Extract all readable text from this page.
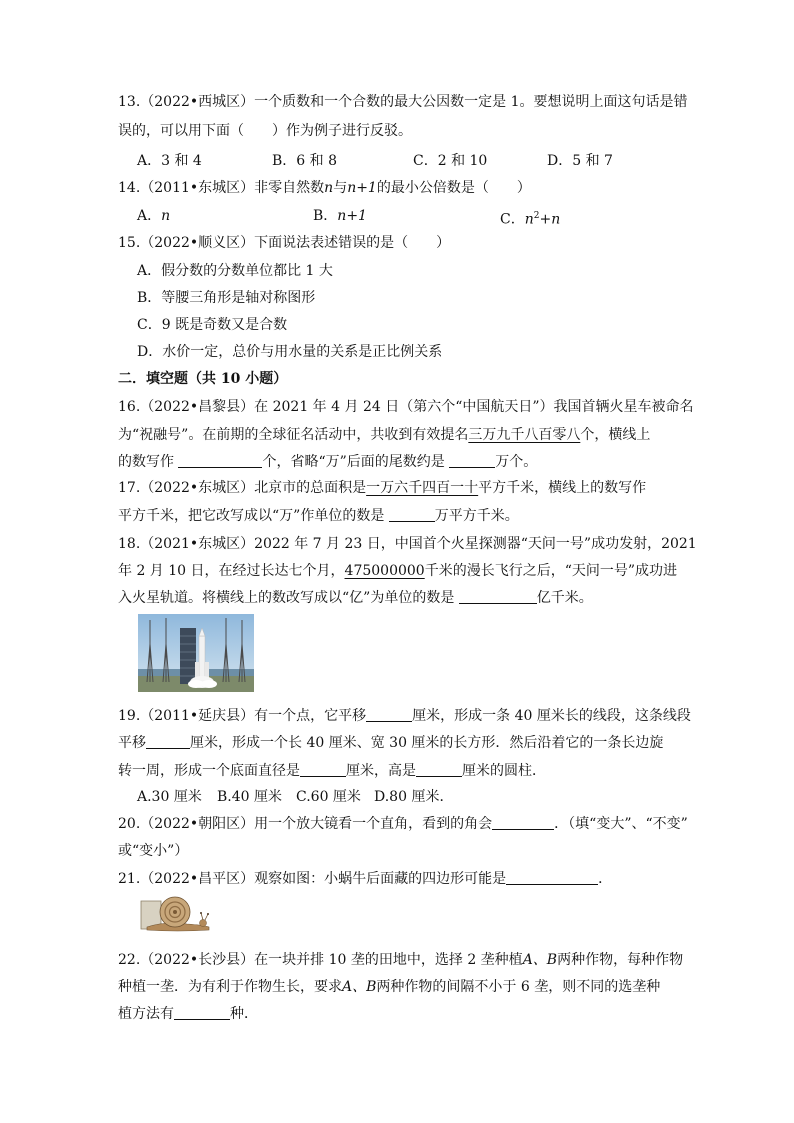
13.（2022•西城区）一个质数和一个合数的最大公因数一定是 1。要想说明上面这句话是错
误的，可以用下面（　　）作为例子进行反驳。
A．3 和 4	B．6 和 8	C．2 和 10	D．5 和 7
14.（2011•东城区）非零自然数n与n+1的最小公倍数是（　　）
A．n	B．n+1	C．$n^2+n$
15.（2022•顺义区）下面说法表述错误的是（　　）
A．假分数的分数单位都比 1 大
B．等腰三角形是轴对称图形
C．9 既是奇数又是合数
D．水价一定，总价与用水量的关系是正比例关系
二．填空题（共 10 小题）
16.（2022•昌黎县）在 2021 年 4 月 24 日（第六个“中国航天日”）我国首辆火星车被命名
为“祝融号”。在前期的全球征名活动中，共收到有效提名三万九千八百零八个，横线上
的数写作	个，省略“万”后面的尾数约是	万个。
17.（2022•东城区）北京市的总面积是一万六千四百一十平方千米，横线上的数写作
平方千米，把它改写成以“万”作单位的数是	万平方千米。
18.（2021•东城区）2022 年 7 月 23 日，中国首个火星探测器“天问一号”成功发射，2021
年 2 月 10 日，在经过长达七个月，475000000千米的漫长飞行之后，“天问一号”成功进
入火星轨道。将横线上的数改写成以“亿”为单位的数是	亿千米。
19.（2011•延庆县）有一个点，它平移	厘米，形成一条 40 厘米长的线段，这条线段
平移	厘米，形成一个长 40 厘米、宽 30 厘米的长方形．然后沿着它的一条长边旋
转一周，形成一个底面直径是	厘米，高是	厘米的圆柱．
A.30 厘米 B.40 厘米 C.60 厘米 D.80 厘米．
20.（2022•朝阳区）用一个放大镜看一个直角，看到的角会	．（填“变大”、“不变”
或“变小”）
21.（2022•昌平区）观察如图：小蜗牛后面藏的四边形可能是	．
22.（2022•长沙县）在一块并排 10 垄的田地中，选择 2 垄种植A、B两种作物，每种作物
种植一垄．为有利于作物生长，要求A、B两种作物的间隔不小于 6 垄，则不同的选垄种
植方法有	种．
